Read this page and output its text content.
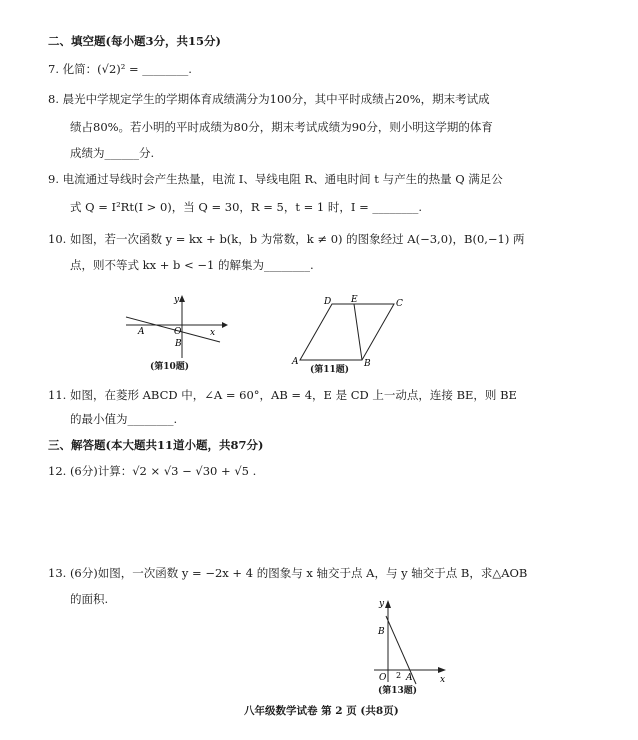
二、填空题(每小题3分，共15分)
7. 化简：(√2)² = ________.
8. 晨光中学规定学生的学期体育成绩满分为100分，其中平时成绩占20%，期末考试成
绩占80%。若小明的平时成绩为80分，期末考试成绩为90分，则小明这学期的体育
成绩为______分.
9. 电流通过导线时会产生热量，电流 I、导线电阻 R、通电时间 t 与产生的热量 Q 满足公
式 Q = I²Rt(I > 0)，当 Q = 30，R = 5，t = 1 时，I = ________.
10. 如图，若一次函数 y = kx + b(k，b 为常数，k ≠ 0) 的图象经过 A(−3,0)，B(0,−1) 两
点，则不等式 kx + b < −1 的解集为________.
y
x
A	O
B
(第10题)
D E	C
A	B
(第11题)
11. 如图，在菱形 ABCD 中，∠A = 60°，AB = 4，E 是 CD 上一动点，连接 BE，则 BE
的最小值为________.
三、解答题(本大题共11道小题，共87分)
12. (6分)计算：√2 × √3 − √30 + √5 .
13. (6分)如图，一次函数 y = −2x + 4 的图象与 x 轴交于点 A，与 y 轴交于点 B，求△AOB
的面积.	y
x
B
O 2 A
(第13题)
八年级数学试卷 第 2 页 (共8页)
